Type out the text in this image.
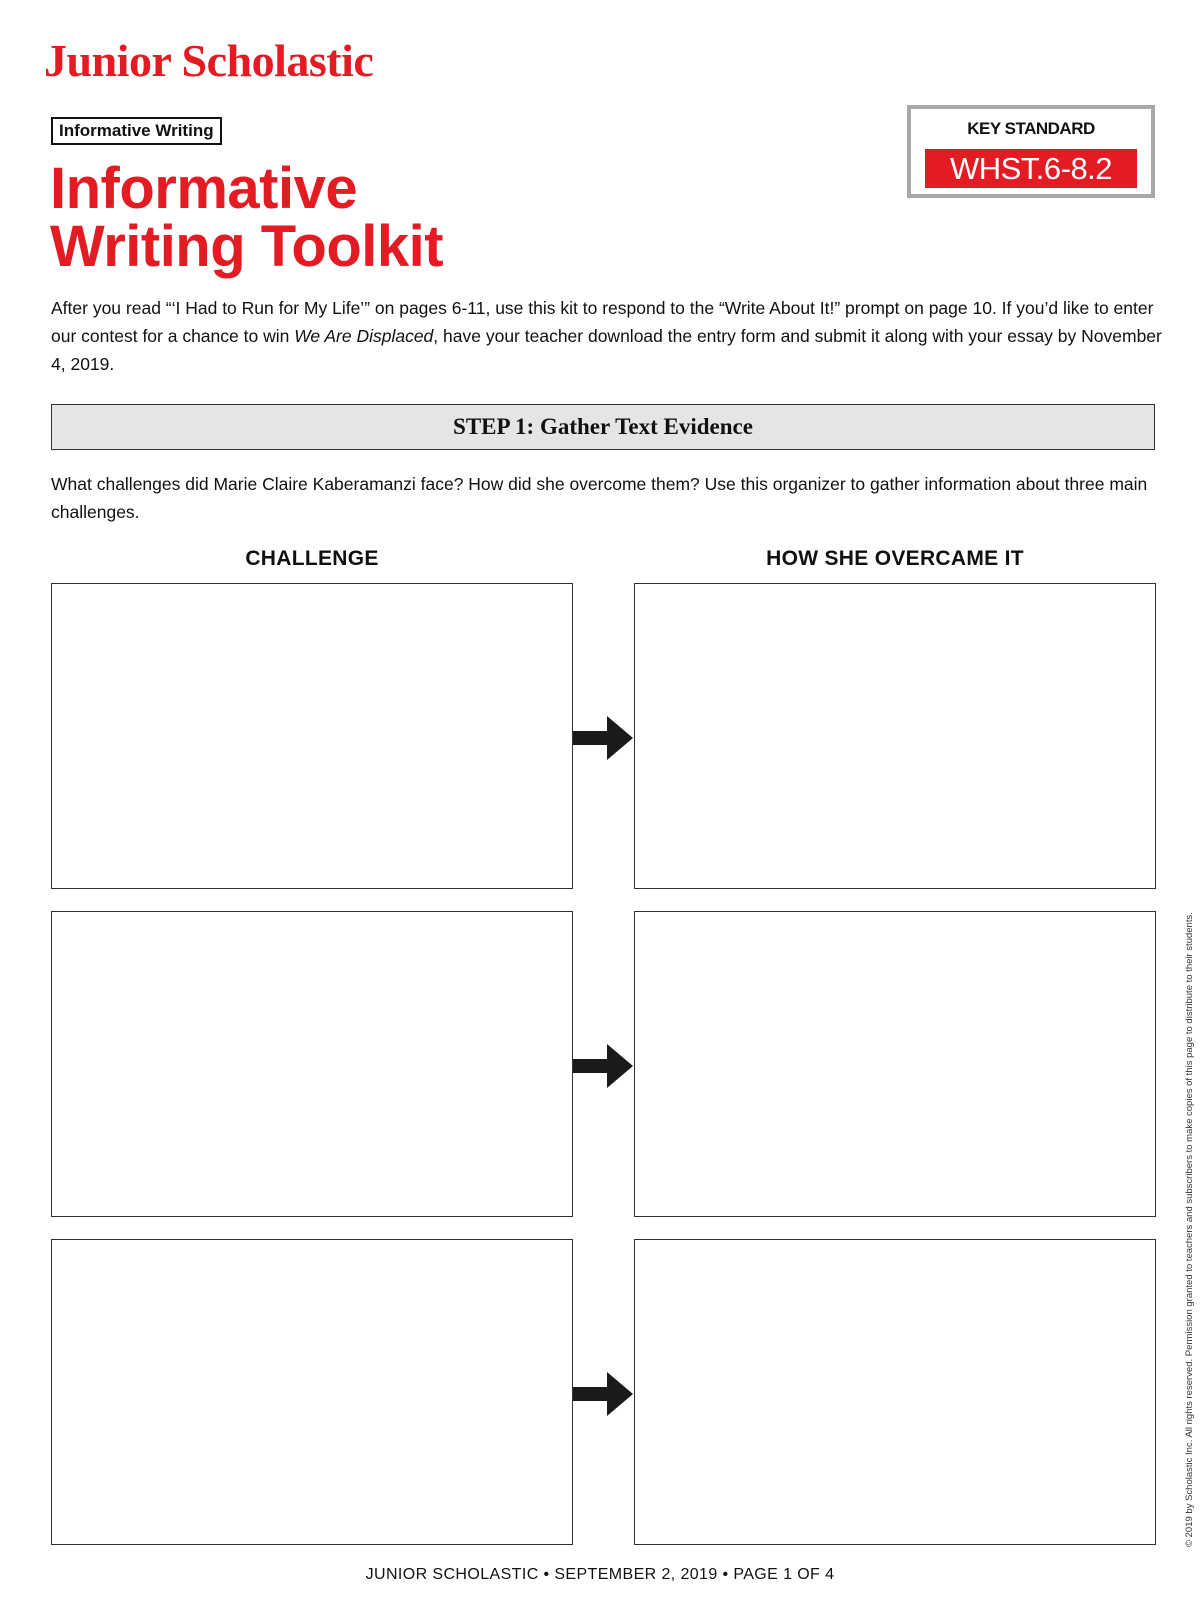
Junior Scholastic
Informative Writing
Informative
Writing Toolkit
KEY STANDARD
WHST.6-8.2

After you read “‘I Had to Run for My Life’” on pages 6-11, use this kit to respond to the “Write About It!” prompt on page 10. If you’d like to enter our contest for a chance to win We Are Displaced, have your teacher download the entry form and submit it along with your essay by November 4, 2019.

STEP 1: Gather Text Evidence

What challenges did Marie Claire Kaberamanzi face? How did she overcome them? Use this organizer to gather information about three main challenges.

CHALLENGE	HOW SHE OVERCAME IT
© 2019 by Scholastic Inc. All rights reserved. Permission granted to teachers and subscribers to make copies of this page to distribute to their students.
JUNIOR SCHOLASTIC • SEPTEMBER 2, 2019 • PAGE 1 OF 4
